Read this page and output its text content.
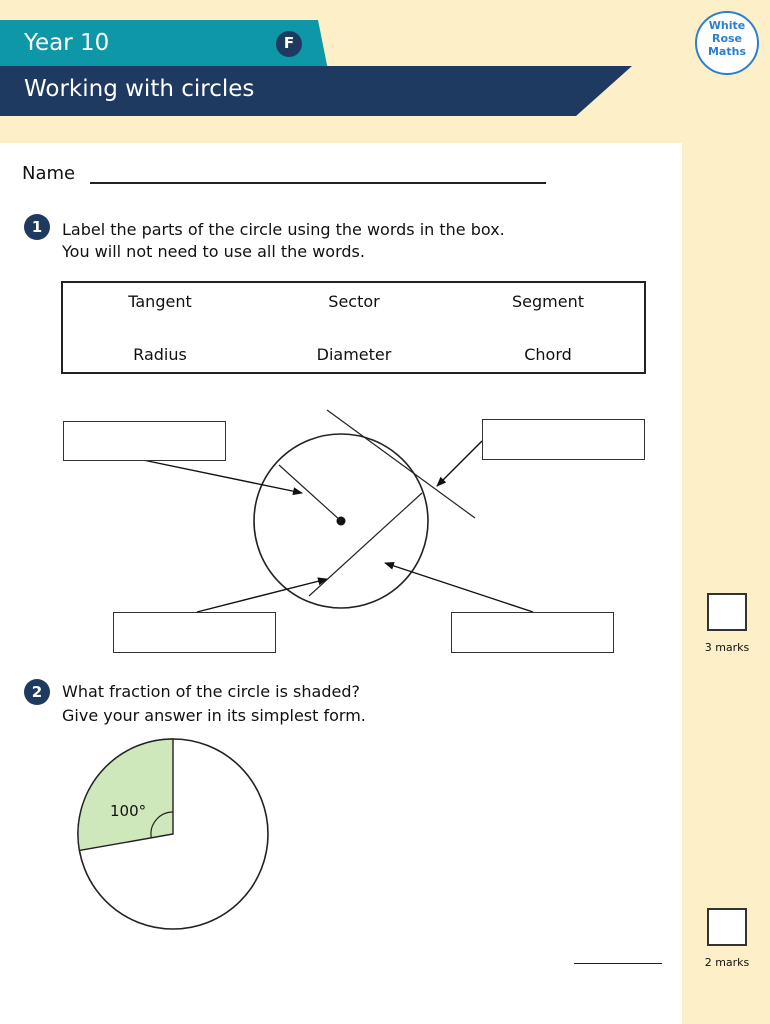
Year 10	F
Working with circles
White
Rose
Maths
Name
1	Label the parts of the circle using the words in the box.
You will not need to use all the words.
Tangent	Sector	Segment
Radius	Diameter	Chord
3 marks
2	What fraction of the circle is shaded?
Give your answer in its simplest form.
100°
2 marks
